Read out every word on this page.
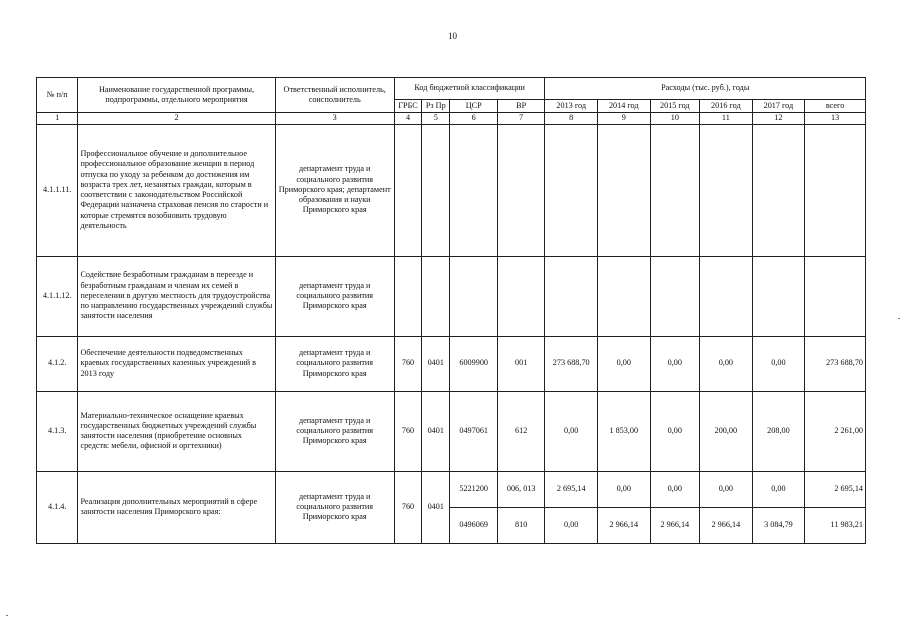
10
№ п/п	Наименование государственной программы, подпрограммы, отдельного мероприятия	Ответственный исполнитель, соисполнитель	Код бюджетной классификации				Расходы (тыс. руб.), годы					
			ГРБС	Рз Пр	ЦСР	ВР	2013 год	2014 год	2015 год	2016 год	2017 год	всего
1	2	3	4	5	6	7	8	9	10	11	12	13
4.1.1.11.	Профессиональное обучение и дополнительное профессиональное образование женщин в период отпуска по уходу за ребенком до достижения им возраста трех лет, незанятых граждан, которым в соответствии с законодательством Российской Федерации назначена страховая пенсия по старости и которые стремятся возобновить трудовую деятельность	департамент труда и социального развития Приморского края; департамент образования и науки Приморского края										
4.1.1.12.	Содействие безработным гражданам в переезде и безработным гражданам и членам их семей в переселении в другую местность для трудоустройства по направлению государственных учреждений службы занятости населения	департамент труда и социального развития Приморского края										
4.1.2.	Обеспечение деятельности подведомственных краевых государственных казенных учреждений в 2013 году	департамент труда и социального развития Приморского края	760	0401	6009900	001	273 688,70	0,00	0,00	0,00	0,00	273 688,70
4.1.3.	Материально-техническое оснащение краевых государственных бюджетных учреждений службы занятости населения (приобретение основных средств: мебели, офисной и оргтехники)	департамент труда и социального развития Приморского края	760	0401	0497061	612	0,00	1 853,00	0,00	200,00	208,00	2 261,00
4.1.4.	Реализация дополнительных мероприятий в сфере занятости населения Приморского края:	департамент труда и социального развития Приморского края	760	0401	5221200	006, 013	2 695,14	0,00	0,00	0,00	0,00	2 695,14
					0496069	810	0,00	2 966,14	2 966,14	2 966,14	3 084,79	11 983,21
